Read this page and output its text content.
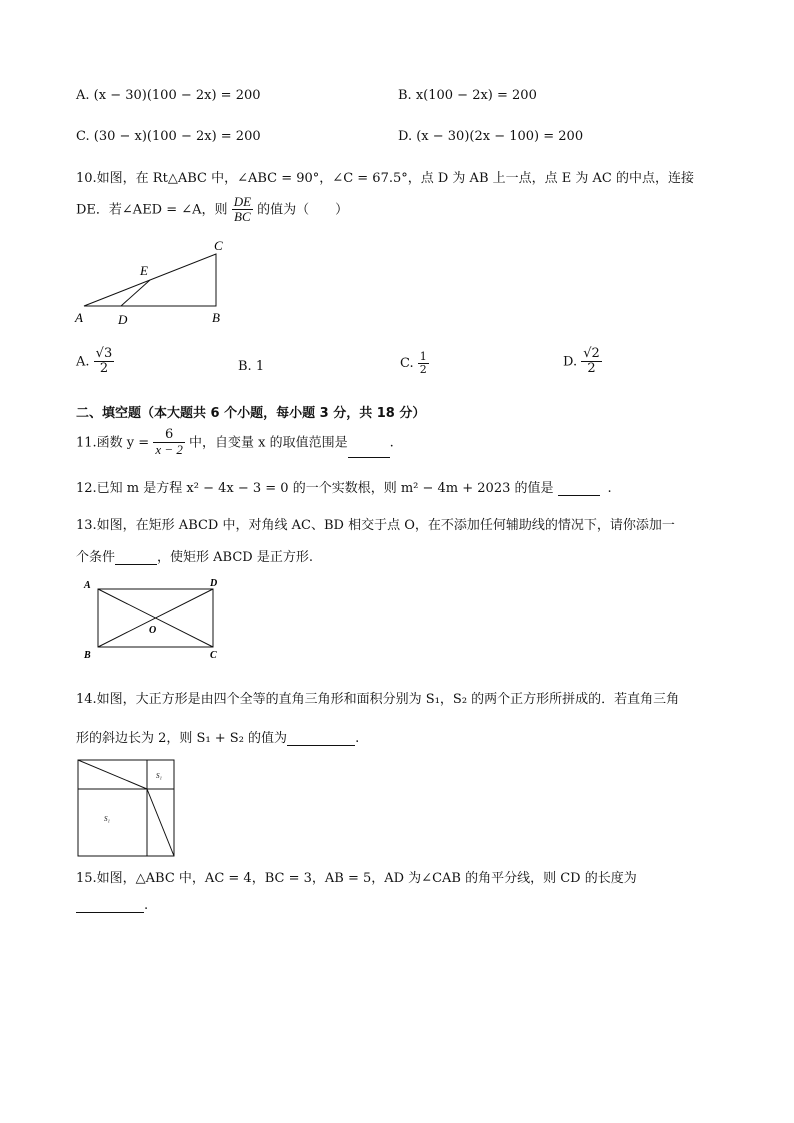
A. (x − 30)(100 − 2x) = 200	B. x(100 − 2x) = 200
C. (30 − x)(100 − 2x) = 200	D. (x − 30)(2x − 100) = 200
10.如图，在 Rt△ABC 中，∠ABC = 90°，∠C = 67.5°，点 D 为 AB 上一点，点 E 为 AC 的中点，连接
DE．若∠AED = ∠A，则 $\frac{DE}{BC}$ 的值为（　　）
C
E
A	D	B
A. $\frac{√3}{2}$	B. 1	C. $\frac{1}{2}$	D. $\frac{√2}{2}$
二、填空题（本大题共 6 个小题，每小题 3 分，共 18 分）
11.函数 $y = \frac{6}{x - 2}$ 中，自变量 x 的取值范围是	.
12.已知 m 是方程 x² − 4x − 3 = 0 的一个实数根，则 m² − 4m + 2023 的值是	.
13.如图，在矩形 ABCD 中，对角线 AC、BD 相交于点 O，在不添加任何辅助线的情况下，请你添加一
个条件	，使矩形 ABCD 是正方形.
A	D
O
B	C
14.如图，大正方形是由四个全等的直角三角形和面积分别为 S₁，S₂ 的两个正方形所拼成的．若直角三角
形的斜边长为 2，则 S₁ + S₂ 的值为	.
S₁
S₁
15.如图，△ABC 中，AC = 4，BC = 3，AB = 5，AD 为∠CAB 的角平分线，则 CD 的长度为
.
